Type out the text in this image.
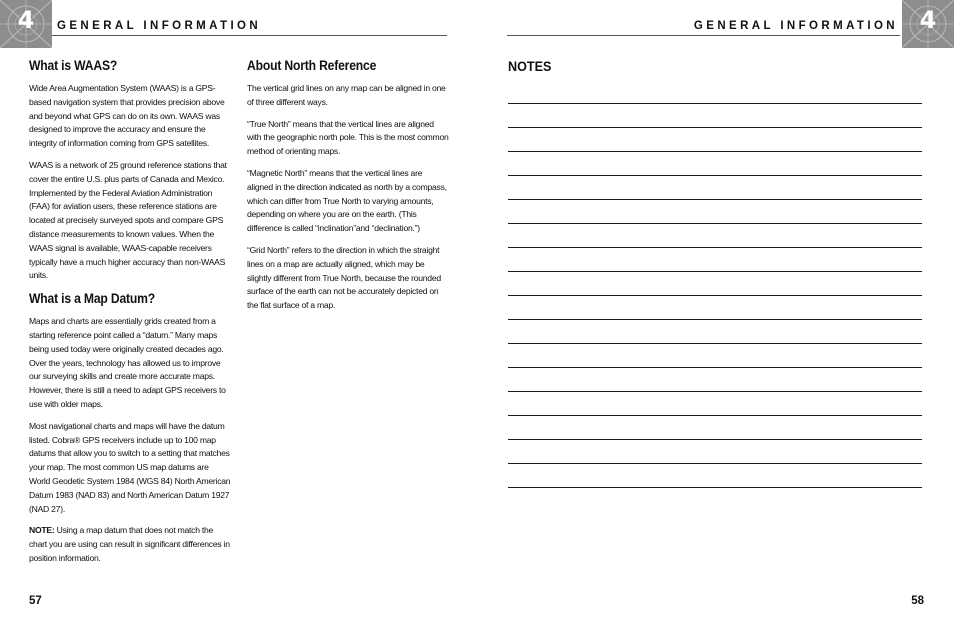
4	GENERAL INFORMATION
What is WAAS?

Wide Area Augmentation System (WAAS) is a GPS-based navigation system that provides precision above and beyond what GPS can do on its own. WAAS was designed to improve the accuracy and ensure the integrity of information coming from GPS satellites.

WAAS is a network of 25 ground reference stations that cover the entire U.S. plus parts of Canada and Mexico. Implemented by the Federal Aviation Administration (FAA) for aviation users, these reference stations are located at precisely surveyed spots and compare GPS distance measurements to known values. When the WAAS signal is available, WAAS-capable receivers typically have a much higher accuracy than non-WAAS units.

What is a Map Datum?

Maps and charts are essentially grids created from a starting reference point called a “datum.” Many maps being used today were originally created decades ago. Over the years, technology has allowed us to improve our surveying skills and create more accurate maps. However, there is still a need to adapt GPS receivers to use with older maps.

Most navigational charts and maps will have the datum listed. Cobra® GPS receivers include up to 100 map datums that allow you to switch to a setting that matches your map. The most common US map datums are World Geodetic System 1984 (WGS 84) North American Datum 1983 (NAD 83) and North American Datum 1927 (NAD 27).

NOTE: Using a map datum that does not match the chart you are using can result in significant differences in position information.

About North Reference

The vertical grid lines on any map can be aligned in one of three different ways.

“True North” means that the vertical lines are aligned with the geographic north pole. This is the most common method of orienting maps.

“Magnetic North” means that the vertical lines are aligned in the direction indicated as north by a compass, which can differ from True North to varying amounts, depending on where you are on the earth. (This difference is called “inclination”and “declination.”)

“Grid North” refers to the direction in which the straight lines on a map are actually aligned, which may be slightly different from True North, because the rounded surface of the earth can not be accurately depicted on the flat surface of a map.

57
GENERAL INFORMATION 4
NOTES
58
